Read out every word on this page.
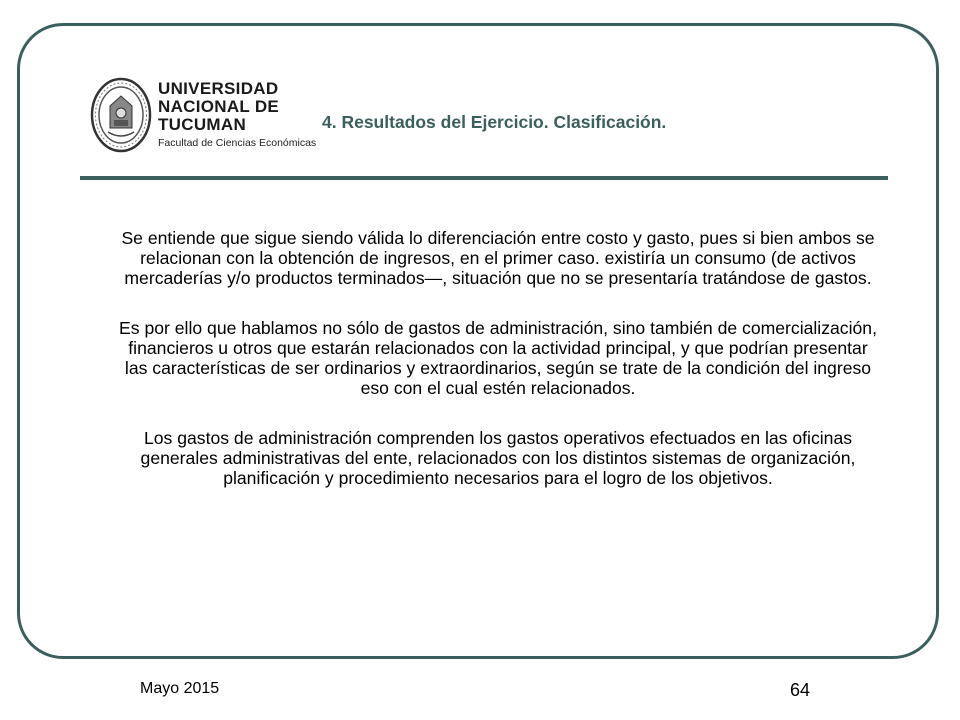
UNIVERSIDAD
NACIONAL DE
TUCUMAN
Facultad de Ciencias Económicas
4. Resultados del Ejercicio. Clasificación.

Se entiende que sigue siendo válida lo diferenciación entre costo y gasto, pues si bien ambos se relacionan con la obtención de ingresos, en el primer caso. existiría un consumo (de activos mercaderías y/o productos terminados—, situación que no se presentaría tratándose de gastos.

Es por ello que hablamos no sólo de gastos de administración, sino también de comercialización, financieros u otros que estarán relacionados con la actividad principal, y que podrían presentar las características de ser ordinarios y extraordinarios, según se trate de la condición del ingreso eso con el cual estén relacionados.

Los gastos de administración comprenden los gastos operativos efectuados en las oficinas generales administrativas del ente, relacionados con los distintos sistemas de organización, planificación y procedimiento necesarios para el logro de los objetivos.

Mayo 2015	64
